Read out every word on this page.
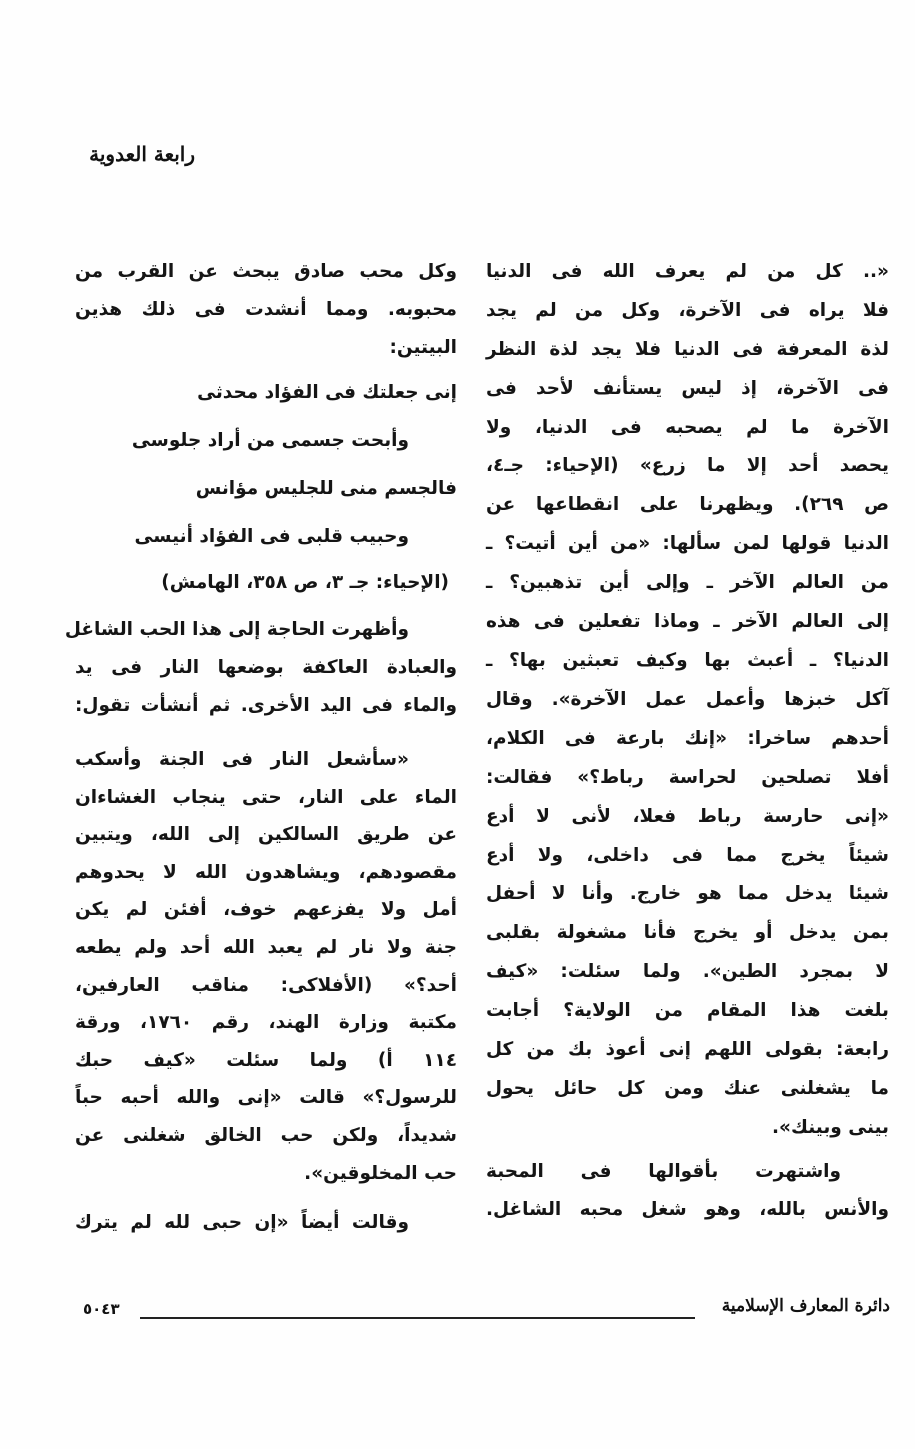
رابعة العدوية
«.. كل من لم يعرف الله فى الدنيا
فلا يراه فى الآخرة، وكل من لم يجد
لذة المعرفة فى الدنيا فلا يجد لذة النظر
فى الآخرة، إذ ليس يستأنف لأحد فى
الآخرة ما لم يصحبه فى الدنيا، ولا
يحصد أحد إلا ما زرع» (الإحياء: جـ٤،
ص ٢٦٩). ويظهرنا على انقطاعها عن
الدنيا قولها لمن سألها: «من أين أتيت؟ ـ
من العالم الآخر ـ وإلى أين تذهبين؟ ـ
إلى العالم الآخر ـ وماذا تفعلين فى هذه
الدنيا؟ ـ أعبث بها وكيف تعبثين بها؟ ـ
آكل خبزها وأعمل عمل الآخرة». وقال
أحدهم ساخرا: «إنك بارعة فى الكلام،
أفلا تصلحين لحراسة رباط؟» فقالت:
«إنى حارسة رباط فعلا، لأنى لا أدع
شيئاً يخرج مما فى داخلى، ولا أدع
شيئا يدخل مما هو خارج. وأنا لا أحفل
بمن يدخل أو يخرج فأنا مشغولة بقلبى
لا بمجرد الطين». ولما سئلت: «كيف
بلغت هذا المقام من الولاية؟ أجابت
رابعة: بقولى اللهم إنى أعوذ بك من كل
ما يشغلنى عنك ومن كل حائل يحول
بينى وبينك».
واشتهرت بأقوالها فى المحبة
والأنس بالله، وهو شغل محبه الشاغل.
وكل محب صادق يبحث عن القرب من
محبوبه. ومما أنشدت فى ذلك هذين
البيتين:
إنى جعلتك فى الفؤاد محدثى
وأبحت جسمى من أراد جلوسى
فالجسم منى للجليس مؤانس
وحبيب قلبى فى الفؤاد أنيسى
(الإحياء: جـ ٣، ص ٣٥٨، الهامش)
وأظهرت الحاجة إلى هذا الحب الشاغل
والعبادة العاكفة بوضعها النار فى يد
والماء فى اليد الأخرى. ثم أنشأت تقول:
«سأشعل النار فى الجنة وأسكب
الماء على النار، حتى ينجاب الغشاءان
عن طريق السالكين إلى الله، ويتبين
مقصودهم، ويشاهدون الله لا يحدوهم
أمل ولا يفزعهم خوف، أفئن لم يكن
جنة ولا نار لم يعبد الله أحد ولم يطعه
أحد؟» (الأفلاكى: مناقب العارفين،
مكتبة وزارة الهند، رقم ١٧٦٠، ورقة
١١٤ أ) ولما سئلت «كيف حبك
للرسول؟» قالت «إنى والله أحبه حباً
شديداً، ولكن حب الخالق شغلنى عن
حب المخلوقين».
وقالت أيضاً «إن حبى لله لم يترك
دائرة المعارف الإسلامية
٥٠٤٣
